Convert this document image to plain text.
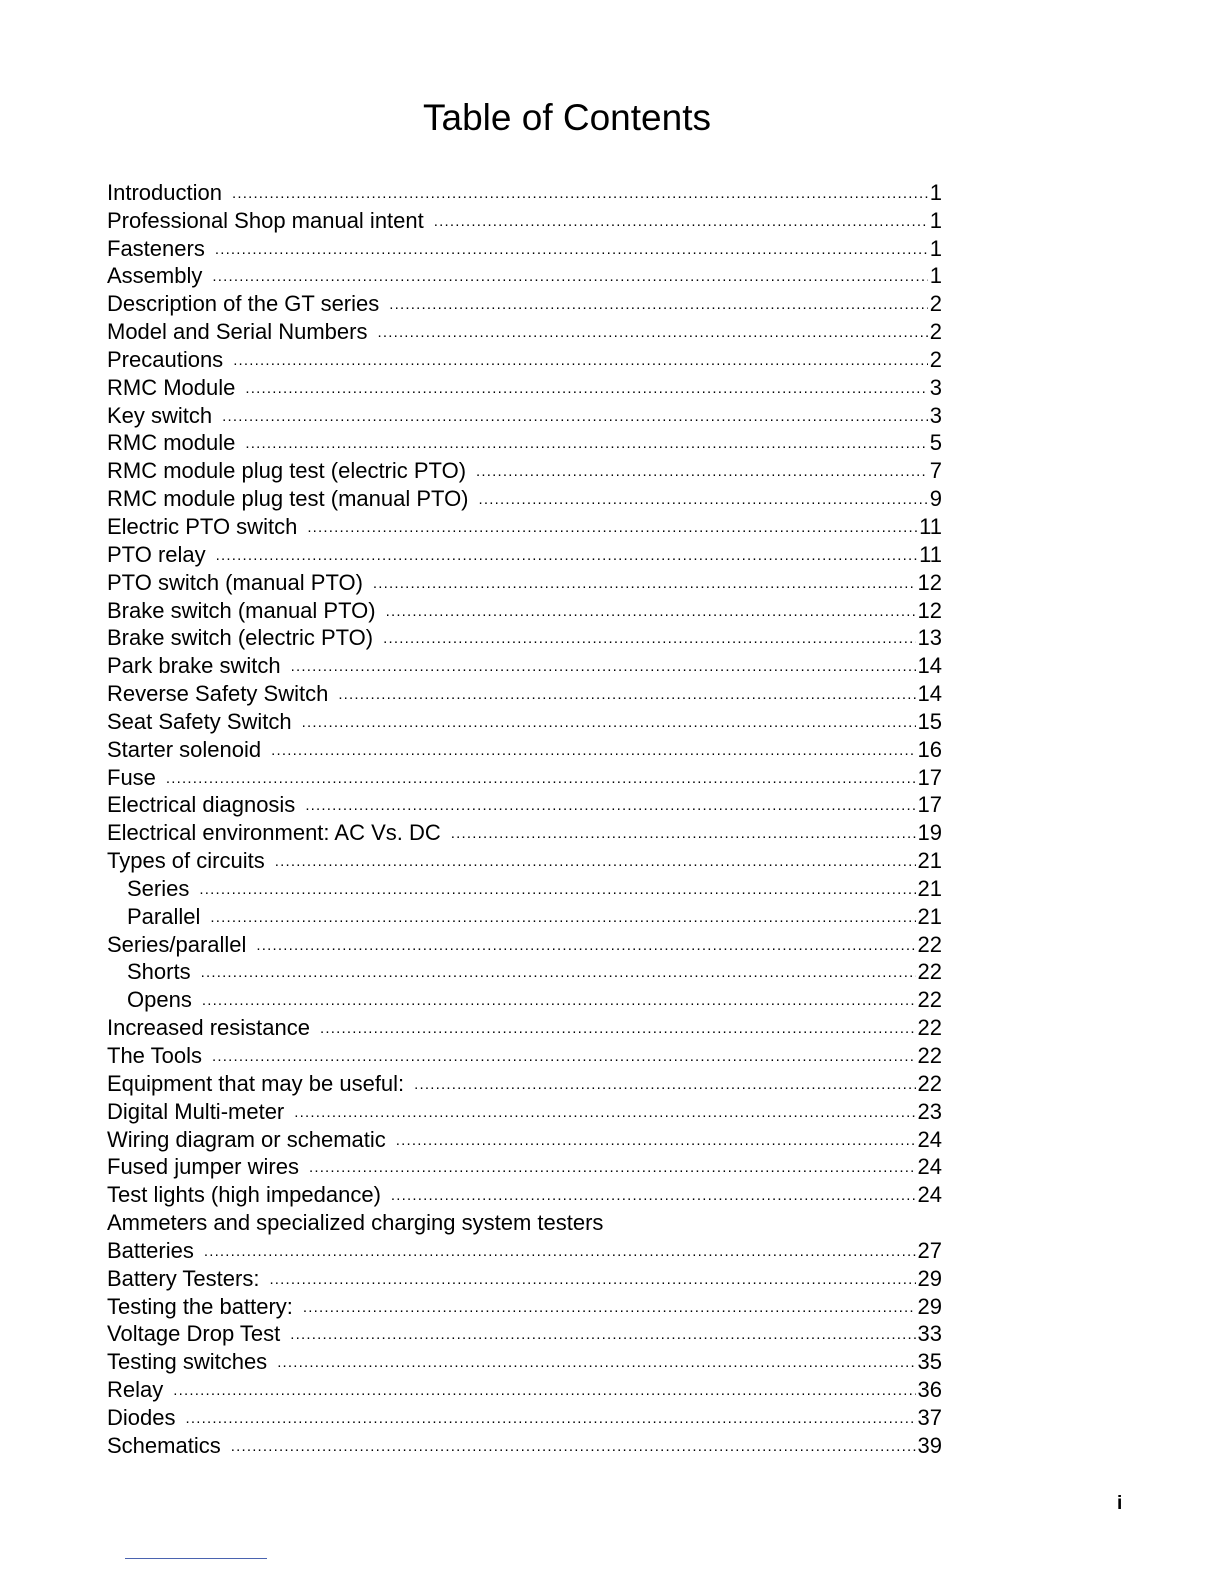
Table of Contents
Introduction .....	1
Professional Shop manual intent .....	1
Fasteners .....	1
Assembly .....	1
Description of the GT series .....	2
Model and Serial Numbers .....	2
Precautions .....	2
RMC Module .....	3
Key switch .....	3
RMC module .....	5
RMC module plug test (electric PTO) .....	7
RMC module plug test (manual PTO) .....	9
Electric PTO switch .....	11
PTO relay .....	11
PTO switch (manual PTO) .....	12
Brake switch (manual PTO) .....	12
Brake switch (electric PTO) .....	13
Park brake switch .....	14
Reverse Safety Switch .....	14
Seat Safety Switch .....	15
Starter solenoid .....	16
Fuse .....	17
Electrical diagnosis .....	17
Electrical environment: AC Vs. DC .....	19
Types of circuits .....	21
Series .....	21
Parallel .....	21
Series/parallel .....	22
Shorts .....	22
Opens .....	22
Increased resistance .....	22
The Tools .....	22
Equipment that may be useful: .....	22
Digital Multi-meter .....	23
Wiring diagram or schematic .....	24
Fused jumper wires .....	24
Test lights (high impedance) .....	24
Ammeters and specialized charging system testers
Batteries .....	27
Battery Testers: .....	29
Testing the battery: .....	29
Voltage Drop Test .....	33
Testing switches .....	35
Relay .....	36
Diodes .....	37
Schematics .....	39
i
